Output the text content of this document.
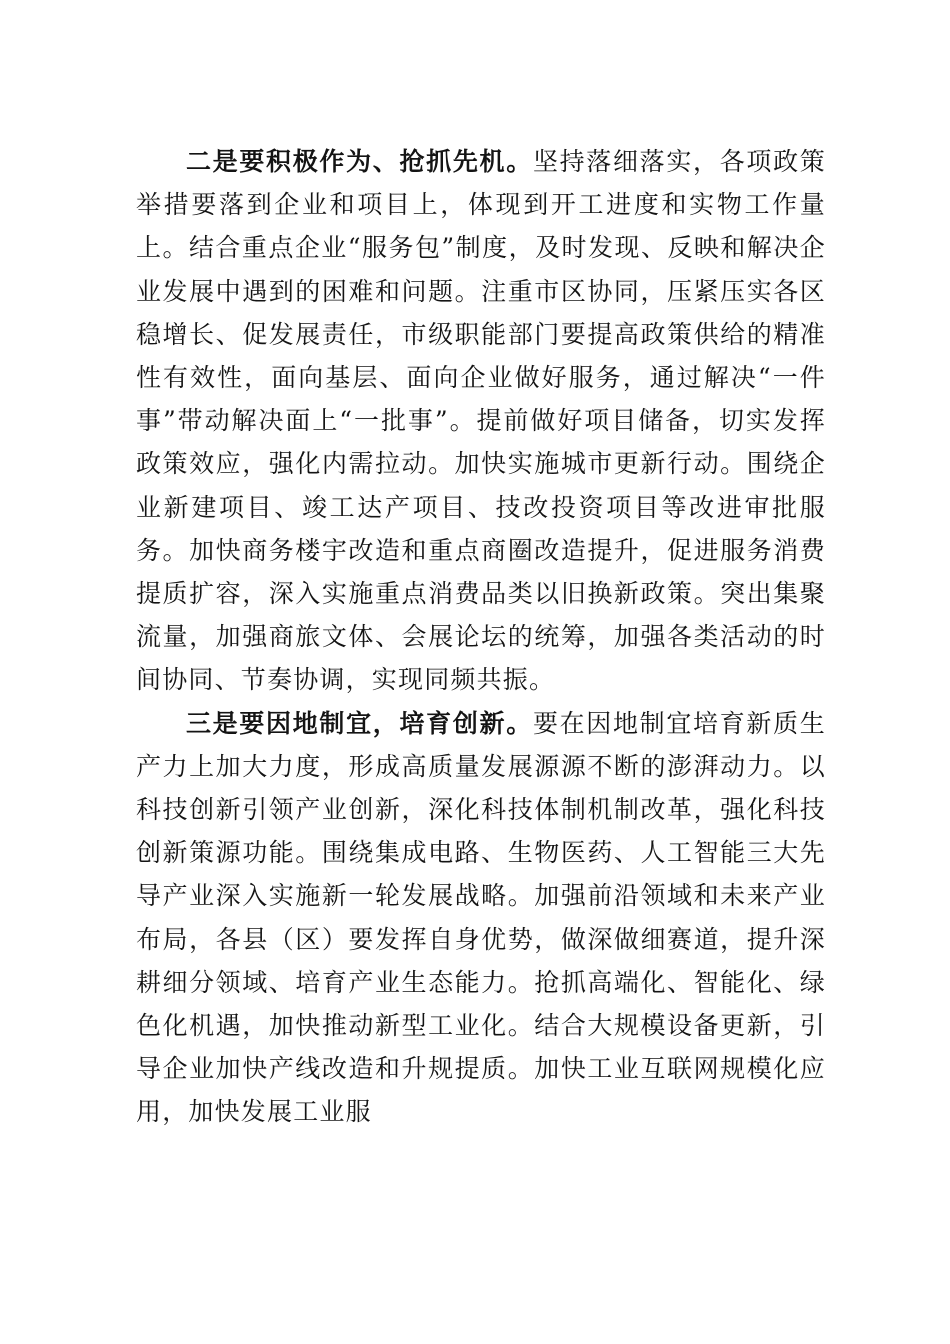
二是要积极作为、抢抓先机。坚持落细落实，各项政策举措要落到企业和项目上，体现到开工进度和实物工作量上。结合重点企业“服务包”制度，及时发现、反映和解决企业发展中遇到的困难和问题。注重市区协同，压紧压实各区稳增长、促发展责任，市级职能部门要提高政策供给的精准性有效性，面向基层、面向企业做好服务，通过解决“一件事”带动解决面上“一批事”。提前做好项目储备，切实发挥政策效应，强化内需拉动。加快实施城市更新行动。围绕企业新建项目、竣工达产项目、技改投资项目等改进审批服务。加快商务楼宇改造和重点商圈改造提升，促进服务消费提质扩容，深入实施重点消费品类以旧换新政策。突出集聚流量，加强商旅文体、会展论坛的统筹，加强各类活动的时间协同、节奏协调，实现同频共振。

三是要因地制宜，培育创新。要在因地制宜培育新质生产力上加大力度，形成高质量发展源源不断的澎湃动力。以科技创新引领产业创新，深化科技体制机制改革，强化科技创新策源功能。围绕集成电路、生物医药、人工智能三大先导产业深入实施新一轮发展战略。加强前沿领域和未来产业布局，各县（区）要发挥自身优势，做深做细赛道，提升深耕细分领域、培育产业生态能力。抢抓高端化、智能化、绿色化机遇，加快推动新型工业化。结合大规模设备更新，引导企业加快产线改造和升规提质。加快工业互联网规模化应用，加快发展工业服
